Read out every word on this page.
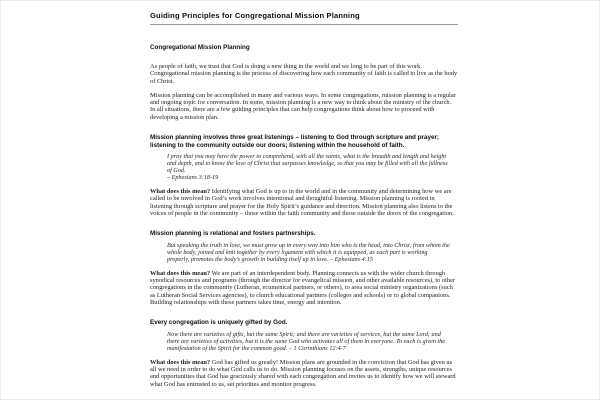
Guiding Principles for Congregational Mission Planning
Congregational Mission Planning

As people of faith, we trust that God is doing a new thing in the world and we long to be part of this work. Congregational mission planning is the process of discovering how each community of faith is called to live as the body of Christ.

Mission planning can be accomplished in many and various ways. In some congregations, mission planning is a regular and ongoing topic for conversation. In some, mission planning is a new way to think about the ministry of the church. In all situations, there are a few guiding principles that can help congregations think about how to proceed with developing a mission plan.

Mission planning involves three great listenings – listening to God through scripture and prayer; listening to the community outside our doors; listening within the household of faith.

I pray that you may have the power to comprehend, with all the saints, what is the breadth and length and height and depth, and to know the love of Christ that surpasses knowledge, so that you may be filled with all the fullness of God.
– Ephesians 3:18-19

What does this mean? Identifying what God is up to in the world and in the community and determining how we are called to be involved in God’s work involves intentional and thoughtful listening. Mission planning is rooted in listening through scripture and prayer for the Holy Spirit’s guidance and direction. Mission planning also listens to the voices of people in the community – those within the faith community and those outside the doors of the congregation.

Mission planning is relational and fosters partnerships.

But speaking the truth in love, we must grow up in every way into him who is the head, into Christ, from whom the whole body, joined and knit together by every ligament with which it is equipped, as each part is working properly, promotes the body’s growth in building itself up in love. – Ephesians 4:15

What does this mean? We are part of an interdependent body. Planning connects us with the wider church through synodical resources and programs (through the director for evangelical mission, and other available resources), to other congregations in the community (Lutheran, ecumenical partners, or others), to area social ministry organizations (such as Lutheran Social Services agencies), to church educational partners (colleges and schools) or to global companions. Building relationships with these partners takes time, energy and intention.

Every congregation is uniquely gifted by God.

Now there are varieties of gifts, but the same Spirit; and there are varieties of services, but the same Lord; and there are varieties of activities, but it is the same God who activates all of them in everyone. To each is given the manifestation of the Spirit for the common good. – 1 Corinthians 12:4-7

What does this mean? God has gifted us greatly! Mission plans are grounded in the conviction that God has given us all we need in order to do what God calls us to do. Mission planning focuses on the assets, strengths, unique resources and opportunities that God has graciously shared with each congregation and invites us to identify how we will steward what God has entrusted to us, set priorities and monitor progress.
